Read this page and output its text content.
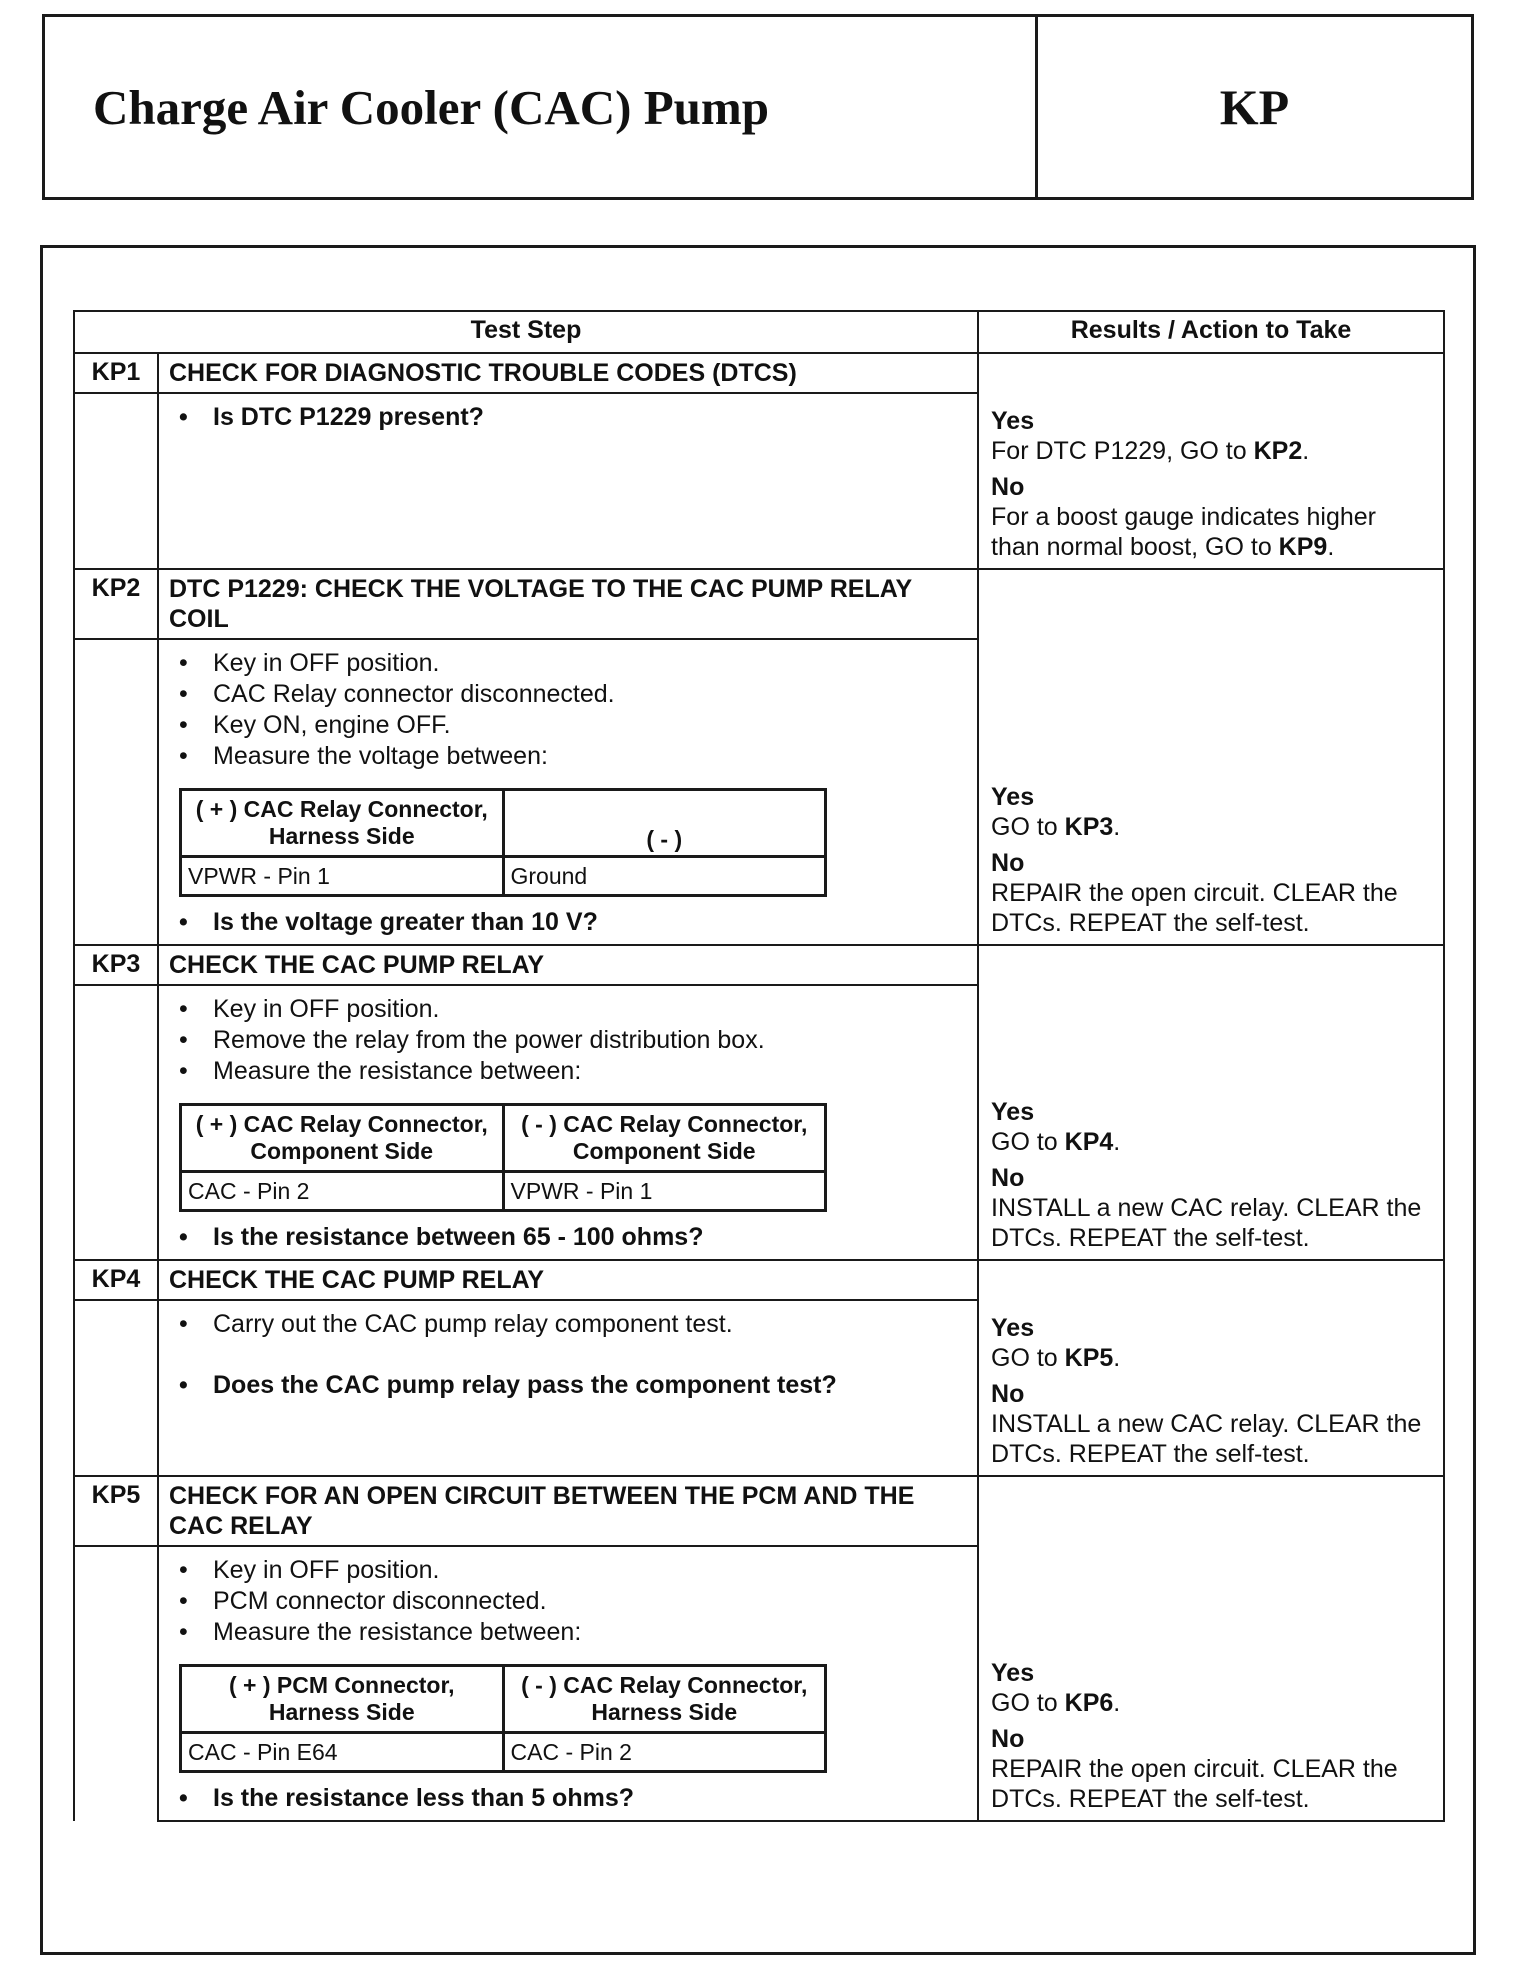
Charge Air Cooler (CAC) Pump	KP
Test Step	Results / Action to Take
KP1	CHECK FOR DIAGNOSTIC TROUBLE CODES (DTCS)	
Yes
For DTC P1229, GO to KP2.
No
For a boost gauge indicates higher than normal boost, GO to KP9.

• Is DTC P1229 present?

KP2	DTC P1229: CHECK THE VOLTAGE TO THE CAC PUMP RELAY COIL	
Yes
GO to KP3.
No
REPAIR the open circuit. CLEAR the DTCs. REPEAT the self-test.

• Key in OFF position.
• CAC Relay connector disconnected.
• Key ON, engine OFF.
• Measure the voltage between:
( + ) CAC Relay Connector, Harness Side	( - )
VPWR - Pin 1	Ground
• Is the voltage greater than 10 V?

KP3	CHECK THE CAC PUMP RELAY	
Yes
GO to KP4.
No
INSTALL a new CAC relay. CLEAR the DTCs. REPEAT the self-test.

• Key in OFF position.
• Remove the relay from the power distribution box.
• Measure the resistance between:
( + ) CAC Relay Connector, Component Side	( - ) CAC Relay Connector, Component Side
CAC - Pin 2	VPWR - Pin 1
• Is the resistance between 65 - 100 ohms?

KP4	CHECK THE CAC PUMP RELAY	
Yes
GO to KP5.
No
INSTALL a new CAC relay. CLEAR the DTCs. REPEAT the self-test.

• Carry out the CAC pump relay component test.
• Does the CAC pump relay pass the component test?

KP5	CHECK FOR AN OPEN CIRCUIT BETWEEN THE PCM AND THE CAC RELAY	
Yes
GO to KP6.
No
REPAIR the open circuit. CLEAR the DTCs. REPEAT the self-test.

• Key in OFF position.
• PCM connector disconnected.
• Measure the resistance between:
( + ) PCM Connector, Harness Side	( - ) CAC Relay Connector, Harness Side
CAC - Pin E64	CAC - Pin 2
• Is the resistance less than 5 ohms?
